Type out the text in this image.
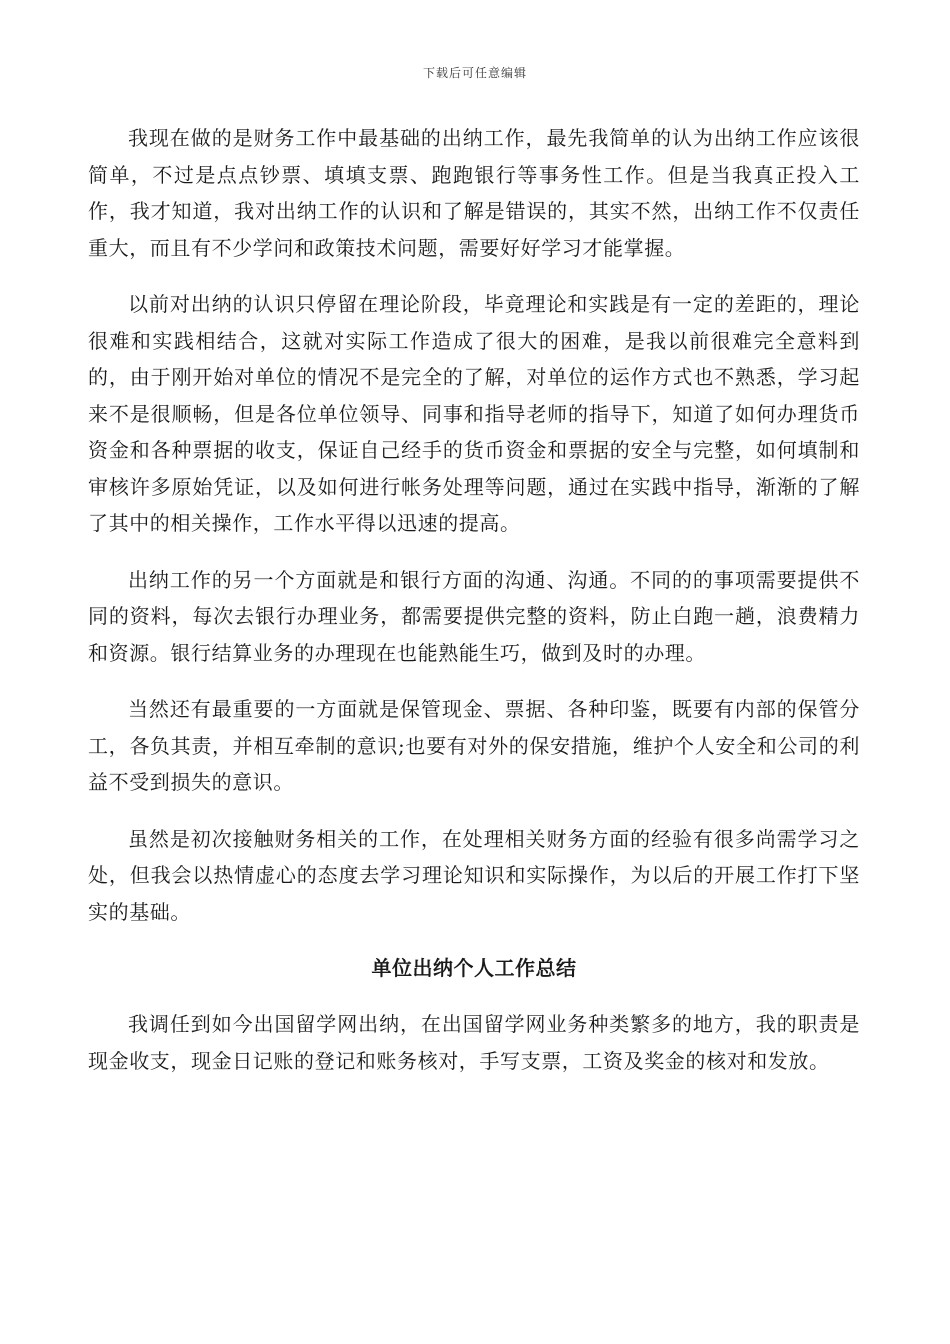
下载后可任意编辑

我现在做的是财务工作中最基础的出纳工作，最先我简单的认为出纳工作应该很简单，不过是点点钞票、填填支票、跑跑银行等事务性工作。但是当我真正投入工作，我才知道，我对出纳工作的认识和了解是错误的，其实不然，出纳工作不仅责任重大，而且有不少学问和政策技术问题，需要好好学习才能掌握。

以前对出纳的认识只停留在理论阶段，毕竟理论和实践是有一定的差距的，理论很难和实践相结合，这就对实际工作造成了很大的困难，是我以前很难完全意料到的，由于刚开始对单位的情况不是完全的了解，对单位的运作方式也不熟悉，学习起来不是很顺畅，但是各位单位领导、同事和指导老师的指导下，知道了如何办理货币资金和各种票据的收支，保证自己经手的货币资金和票据的安全与完整，如何填制和审核许多原始凭证，以及如何进行帐务处理等问题，通过在实践中指导，渐渐的了解了其中的相关操作，工作水平得以迅速的提高。

出纳工作的另一个方面就是和银行方面的沟通、沟通。不同的的事项需要提供不同的资料，每次去银行办理业务，都需要提供完整的资料，防止白跑一趟，浪费精力和资源。银行结算业务的办理现在也能熟能生巧，做到及时的办理。

当然还有最重要的一方面就是保管现金、票据、各种印鉴，既要有内部的保管分工，各负其责，并相互牵制的意识;也要有对外的保安措施，维护个人安全和公司的利益不受到损失的意识。

虽然是初次接触财务相关的工作，在处理相关财务方面的经验有很多尚需学习之处，但我会以热情虚心的态度去学习理论知识和实际操作，为以后的开展工作打下坚实的基础。

单位出纳个人工作总结

我调任到如今出国留学网出纳，在出国留学网业务种类繁多的地方，我的职责是现金收支，现金日记账的登记和账务核对，手写支票，工资及奖金的核对和发放。
